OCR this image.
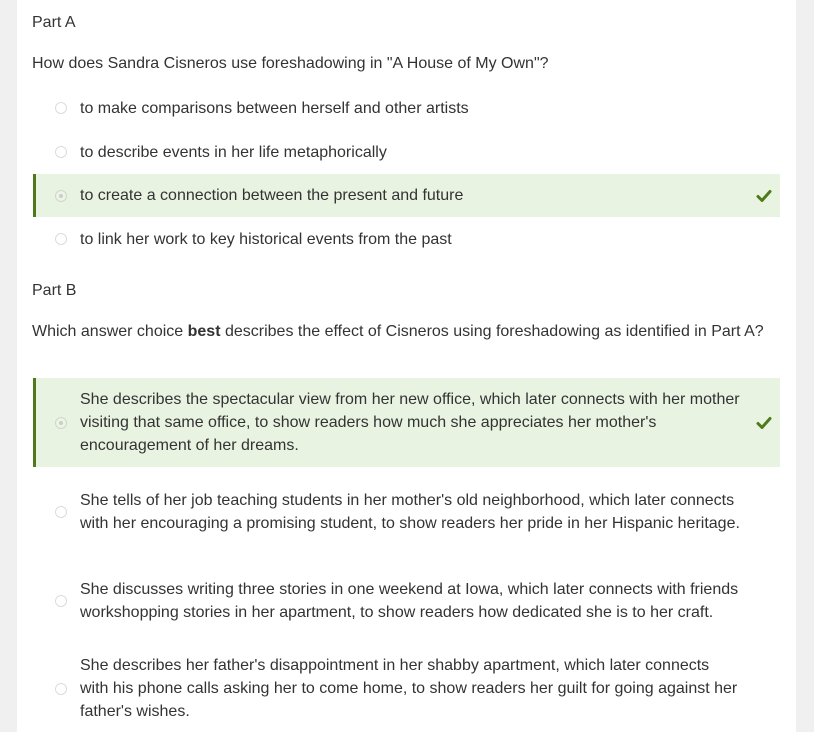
Part A
How does Sandra Cisneros use foreshadowing in "A House of My Own"?
to make comparisons between herself and other artists
to describe events in her life metaphorically
to create a connection between the present and future
to link her work to key historical events from the past
Part B
Which answer choice best describes the effect of Cisneros using foreshadowing as identified in Part A?
She describes the spectacular view from her new office, which later connects with her mother visiting that same office, to show readers how much she appreciates her mother's encouragement of her dreams.
She tells of her job teaching students in her mother's old neighborhood, which later connects with her encouraging a promising student, to show readers her pride in her Hispanic heritage.
She discusses writing three stories in one weekend at Iowa, which later connects with friends workshopping stories in her apartment, to show readers how dedicated she is to her craft.
She describes her father's disappointment in her shabby apartment, which later connects with his phone calls asking her to come home, to show readers her guilt for going against her father's wishes.
